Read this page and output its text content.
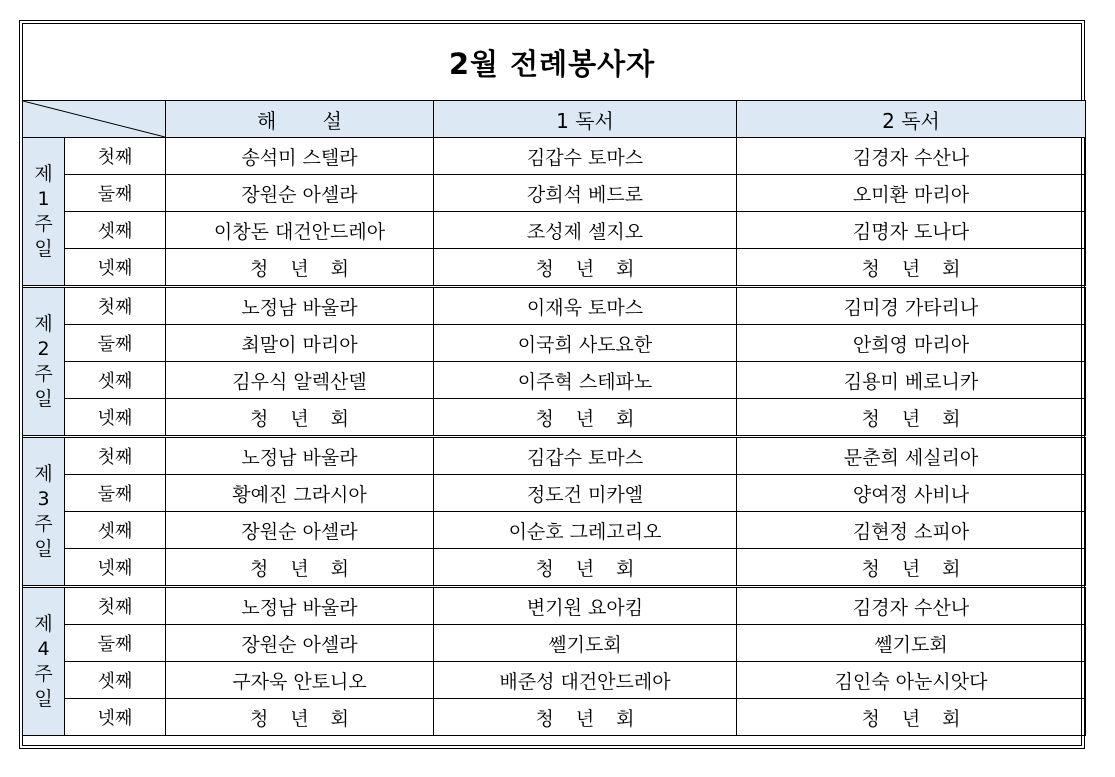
2월 전례봉사자
	해 설	1 독서	2 독서

제
1
주
일	첫째	송석미 스텔라	김갑수 토마스	김경자 수산나
	둘째	장원순 아셀라	강희석 베드로	오미환 마리아
	셋째	이창돈 대건안드레아	조성제 셀지오	김명자 도나다
	넷째	청년회	청년회	청년회

제
2
주
일	첫째	노정남 바울라	이재욱 토마스	김미경 가타리나
	둘째	최말이 마리아	이국희 사도요한	안희영 마리아
	셋째	김우식 알렉산델	이주혁 스테파노	김용미 베로니카
	넷째	청년회	청년회	청년회

제
3
주
일	첫째	노정남 바울라	김갑수 토마스	문춘희 세실리아
	둘째	황예진 그라시아	정도건 미카엘	양여정 사비나
	셋째	장원순 아셀라	이순호 그레고리오	김현정 소피아
	넷째	청년회	청년회	청년회

제
4
주
일	첫째	노정남 바울라	변기원 요아킴	김경자 수산나
	둘째	장원순 아셀라	쎌기도회	쎌기도회
	셋째	구자욱 안토니오	배준성 대건안드레아	김인숙 아눈시앗다
	넷째	청년회	청년회	청년회
